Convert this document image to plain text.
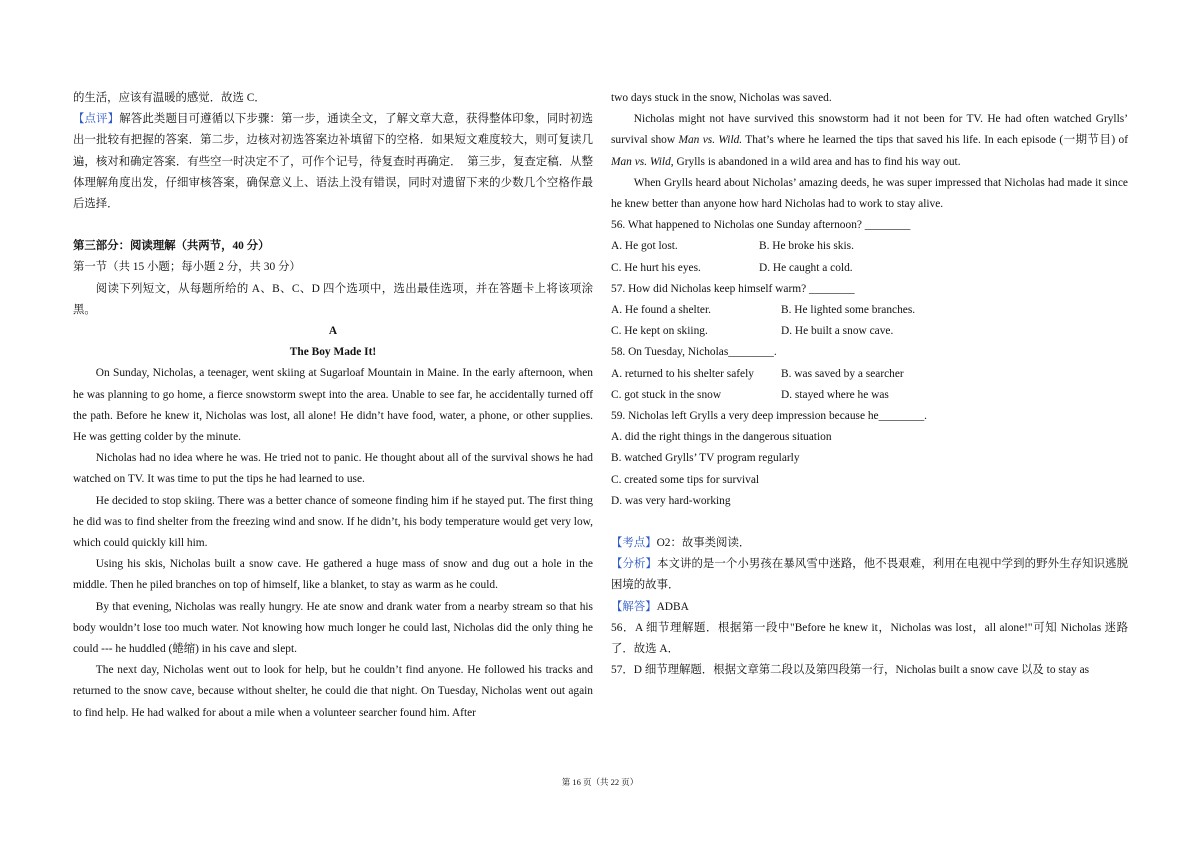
的生活，应该有温暖的感觉．故选 C．

【点评】解答此类题目可遵循以下步骤：第一步，通读全文，了解文章大意，获得整体印象，同时初选出一批较有把握的答案．第二步，边核对初选答案边补填留下的空格．如果短文难度较大，则可复读几遍，核对和确定答案．有些空一时决定不了，可作个记号，待复查时再确定．　第三步，复查定稿．从整体理解角度出发，仔细审核答案，确保意义上、语法上没有错误，同时对遗留下来的少数几个空格作最后选择．

第三部分：阅读理解（共两节，40 分）

第一节（共 15 小题；每小题 2 分，共 30 分）

阅读下列短文，从每题所给的 A、B、C、D 四个选项中，选出最佳选项，并在答题卡上将该项涂黑。

A

The Boy Made It!

On Sunday, Nicholas, a teenager, went skiing at Sugarloaf Mountain in Maine. In the early afternoon, when he was planning to go home, a fierce snowstorm swept into the area. Unable to see far, he accidentally turned off the path. Before he knew it, Nicholas was lost, all alone! He didn’t have food, water, a phone, or other supplies. He was getting colder by the minute.

Nicholas had no idea where he was. He tried not to panic. He thought about all of the survival shows he had watched on TV. It was time to put the tips he had learned to use.

He decided to stop skiing. There was a better chance of someone finding him if he stayed put. The first thing he did was to find shelter from the freezing wind and snow. If he didn’t, his body temperature would get very low, which could quickly kill him.

Using his skis, Nicholas built a snow cave. He gathered a huge mass of snow and dug out a hole in the middle. Then he piled branches on top of himself, like a blanket, to stay as warm as he could.

By that evening, Nicholas was really hungry. He ate snow and drank water from a nearby stream so that his body wouldn’t lose too much water. Not knowing how much longer he could last, Nicholas did the only thing he could --- he huddled (蜷缩) in his cave and slept.

The next day, Nicholas went out to look for help, but he couldn’t find anyone. He followed his tracks and returned to the snow cave, because without shelter, he could die that night. On Tuesday, Nicholas went out again to find help. He had walked for about a mile when a volunteer searcher found him. After

two days stuck in the snow, Nicholas was saved.

Nicholas might not have survived this snowstorm had it not been for TV. He had often watched Grylls’ survival show Man vs. Wild. That’s where he learned the tips that saved his life. In each episode (一期节目) of Man vs. Wild, Grylls is abandoned in a wild area and has to find his way out.

When Grylls heard about Nicholas’ amazing deeds, he was super impressed that Nicholas had made it since he knew better than anyone how hard Nicholas had to work to stay alive.

56. What happened to Nicholas one Sunday afternoon? ________

A. He got lost.	B. He broke his skis.
C. He hurt his eyes.	D. He caught a cold.

57. How did Nicholas keep himself warm? ________

A. He found a shelter.	B. He lighted some branches.
C. He kept on skiing.	D. He built a snow cave.

58. On Tuesday, Nicholas________.

A. returned to his shelter safely	B. was saved by a searcher
C. got stuck in the snow	D. stayed where he was

59. Nicholas left Grylls a very deep impression because he________.

A. did the right things in the dangerous situation

B. watched Grylls’ TV program regularly

C. created some tips for survival

D. was very hard-working

【考点】O2：故事类阅读．

【分析】本文讲的是一个小男孩在暴风雪中迷路，他不畏艰难，利用在电视中学到的野外生存知识逃脱困境的故事．

【解答】ADBA

56．A 细节理解题．根据第一段中"Before he knew it，Nicholas was lost，all alone!"可知 Nicholas 迷路了．故选 A．

57．D 细节理解题．根据文章第二段以及第四段第一行，Nicholas built a snow cave 以及 to stay as

第 16 页（共 22 页）
